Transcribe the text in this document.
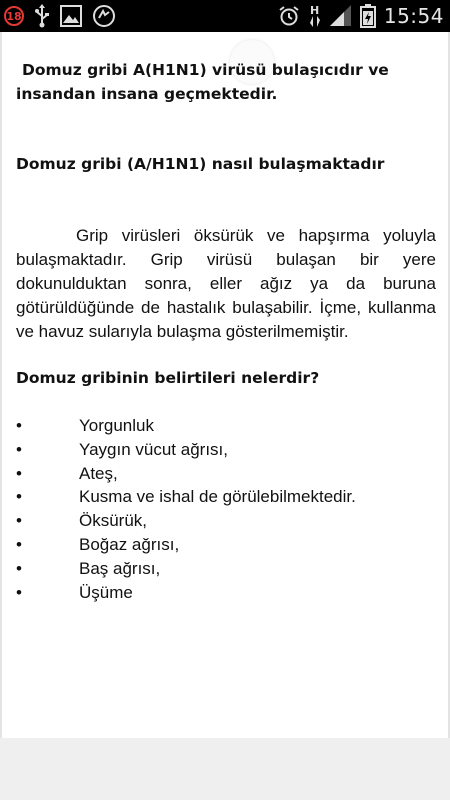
18	H	15:54

Domuz gribi A(H1N1) virüsü bulaşıcıdır ve insandan insana geçmektedir.

Domuz gribi (A/H1N1) nasıl bulaşmaktadır

Grip virüsleri öksürük ve hapşırma yoluyla bulaşmaktadır. Grip virüsü bulaşan bir yere dokunulduktan sonra, eller ağız ya da buruna götürüldüğünde de hastalık bulaşabilir. İçme, kullanma ve havuz sularıyla bulaşma gösterilmemiştir.

Domuz gribinin belirtileri nelerdir?

•	Yorgunluk
•	Yaygın vücut ağrısı,
•	Ateş,
•	Kusma ve ishal de görülebilmektedir.
•	Öksürük,
•	Boğaz ağrısı,
•	Baş ağrısı,
•	Üşüme
